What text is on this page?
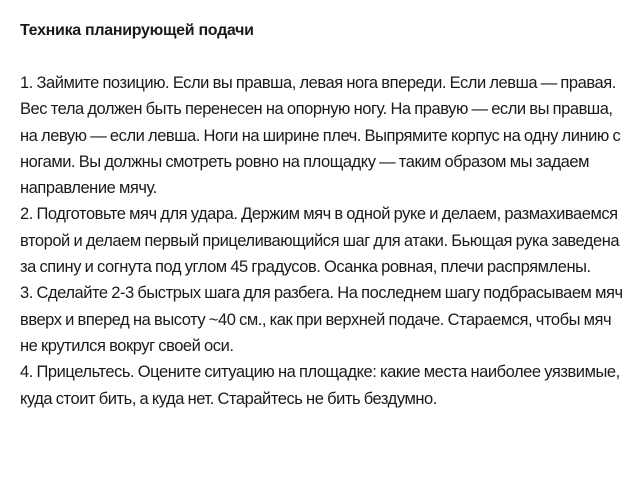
Техника планирующей подачи

1. Займите позицию. Если вы правша, левая нога впереди. Если левша — правая. Вес тела должен быть перенесен на опорную ногу. На правую — если вы правша, на левую — если левша. Ноги на ширине плеч. Выпрямите корпус на одну линию с ногами. Вы должны смотреть ровно на площадку — таким образом мы задаем направление мячу.

2. Подготовьте мяч для удара. Держим мяч в одной руке и делаем, размахиваемся второй и делаем первый прицеливающийся шаг для атаки. Бьющая рука заведена за спину и согнута под углом 45 градусов. Осанка ровная, плечи распрямлены.

3. Сделайте 2-3 быстрых шага для разбега. На последнем шагу подбрасываем мяч вверх и вперед на высоту ~40 см., как при верхней подаче. Стараемся, чтобы мяч не крутился вокруг своей оси.

4. Прицельтесь. Оцените ситуацию на площадке: какие места наиболее уязвимые, куда стоит бить, а куда нет. Старайтесь не бить бездумно.
